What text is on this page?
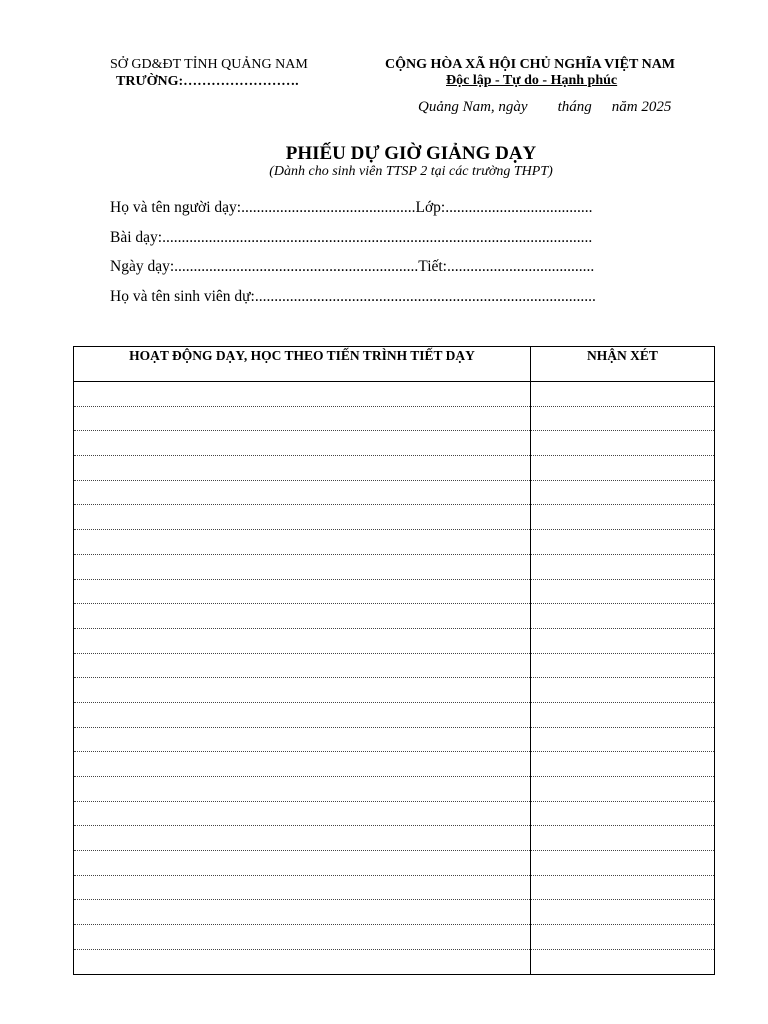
SỞ GD&ĐT TỈNH QUẢNG NAM
TRƯỜNG:…………………….
CỘNG HÒA XÃ HỘI CHỦ NGHĨA VIỆT NAM
Độc lập - Tự do - Hạnh phúc
Quảng Nam, ngày tháng năm 2025
PHIẾU DỰ GIỜ GIẢNG DẠY
(Dành cho sinh viên TTSP 2 tại các trường THPT)
Họ và tên người dạy:.............................................Lớp:......................................
Bài dạy:...............................................................................................................
Ngày dạy:...............................................................Tiết:......................................
Họ và tên sinh viên dự:........................................................................................
HOẠT ĐỘNG DẠY, HỌC THEO TIẾN TRÌNH TIẾT DẠY	NHẬN XÉT
